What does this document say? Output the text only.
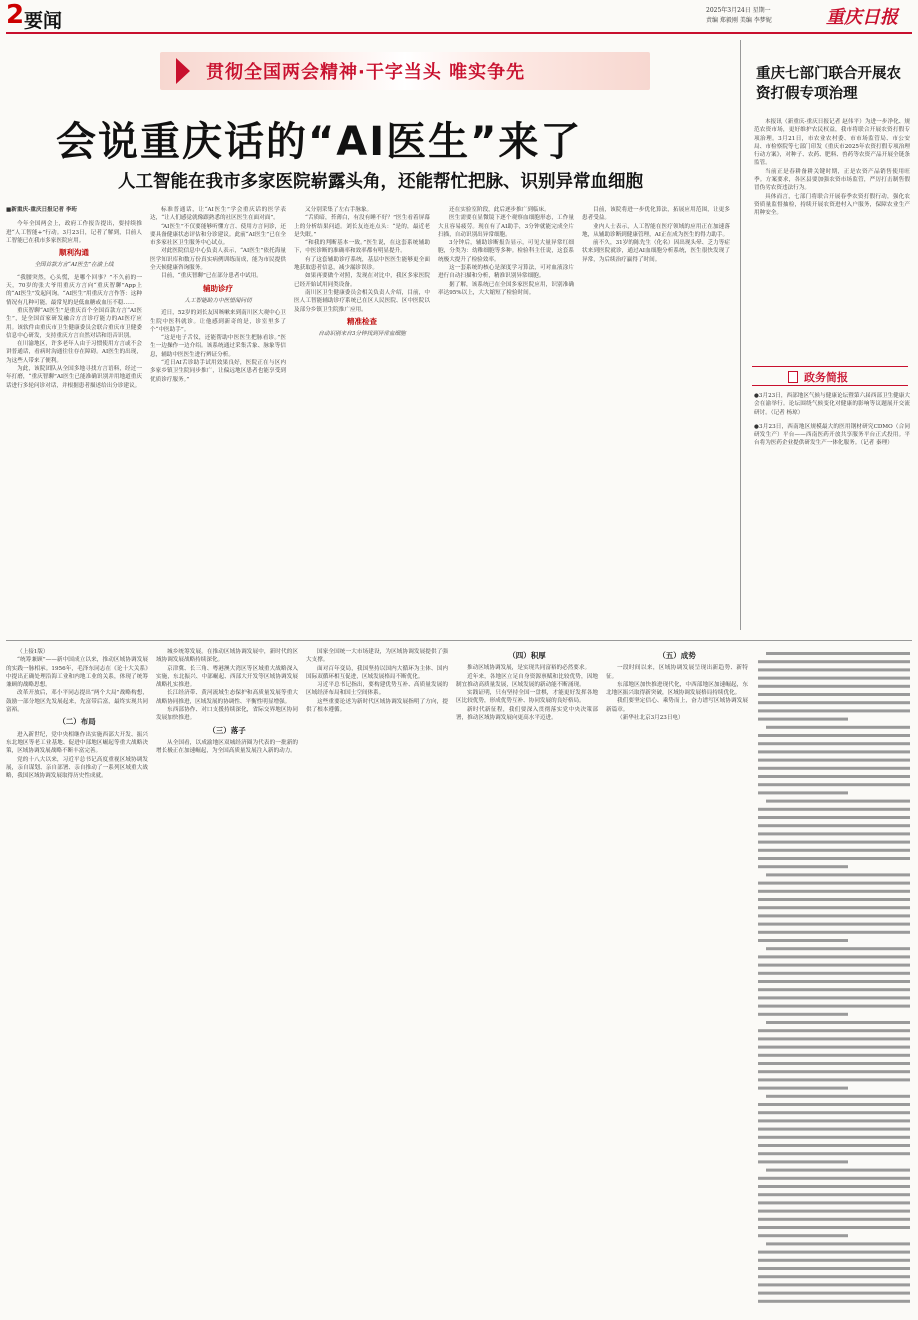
2 要闻
2025年3月24日 星期一
责编 郑毅刚 美编 李梦妮	重庆日报
贯彻全国两会精神·干字当头 唯实争先
会说重庆话的“AI医生”来了
人工智能在我市多家医院崭露头角，还能帮忙把脉、识别异常血细胞
■新重庆-重庆日报记者 李珩

今年全国两会上，政府工作报告提出，要持续推进“人工智能+”行动。3月23日，记者了解到，目前人工智能已在我市多家医院应用。

顺利沟通
全国首款方言“AI医生”在渝上线

“我腰突然，心头慌，是哪个回事？”不久前的一天，70岁的张大爷用重庆方言向“重庆智聊”App上的“AI医生”发起问询。“AI医生”用重庆方言作答：这种情况有几种可能，最常见的是低血糖或血压不稳……

重庆智聊“AI医生”是重庆首个全国首款方言“AI医生”，是全国首家研发融合方言诊疗能力的AI医疗应用。该软件由重庆市卫生健康委员会联合重庆市卫健委信息中心研发，支持重庆方言自然对话和语音识别。

在川渝地区，许多老年人由于习惯使用方言或不会讲普通话，看病时沟通往往存在障碍。AI医生的出现，为这些人带来了便利。

为此，该院团队从全国多地寻找方言语料，经过一年打磨，“重庆智聊”AI医生已能准确识别并用地道重庆话进行多轮问诊对话，并根据患者描述给出分诊建议。

标准普通话，让“AI医生”学会重庆话的医学表达，“让人们感觉就像跟熟悉的社区医生在面对面”。

“AI医生”不仅要能够听懂方言、使用方言问诊，还要具备健康状态评估和分诊建议。此前“AI医生”已在全市多家社区卫生服务中心试点。

对此医院信息中心负责人表示，“AI医生”依托海量医学知识库和数万份真实病例训练而成，能为市民提供全天候健康咨询服务。

目前，“重庆智聊”已在部分患者中试用。

辅助诊疗
人工智能助力中医望闻问切

近日，52岁的刘长友因咳嗽来到南川区大观中心卫生院中医科就诊。让他感到新奇的是，诊室里多了个“中医助手”。

“这是电子舌仪，还能帮助中医医生把脉看诊。”医生一边操作一边介绍。该系统通过采集舌象、脉象等信息，辅助中医医生进行辨证分析。

“近日AI舌诊助手试用效果良好，医院正在与区内多家乡镇卫生院同步推广，让偏远地区患者也能享受到优质诊疗服务。”

又分别采集了左右手脉象。

“舌质暗，苔薄白，有没有睡不好？”医生看着屏幕上的分析结果问道。刘长友连连点头：“是的，最近老是失眠。”

“和我的判断基本一致。”医生说，在这套系统辅助下，中医诊断的准确率和效率都有明显提升。

有了这套辅助诊疗系统，基层中医医生能够更全面地获取患者信息，减少漏诊误诊。

如果再要做个对照，发现在对比中，我区多家医院已经开始试用同类设备。

南川区卫生健康委员会相关负责人介绍，目前，中医人工智能辅助诊疗系统已在区人民医院、区中医院以及部分乡镇卫生院推广应用。

精准检查
自动识别来自3分钟找到异常血细胞

还在实验室阶段，此后逐步推广到临床。

医生需要在显微镜下逐个观察血细胞形态，工作量大且容易疲劳。现在有了AI助手，3分钟就能完成全片扫描，自动识别出异常细胞。

3分钟后，辅助诊断报告显示，可见大量异常红细胞，分类为：幼稚细胞等多种。检验科主任说，这套系统极大提升了检验效率。

这一套系统的核心是深度学习算法，可对血液涂片进行自动扫描和分析，精准识别异常细胞。

据了解，该系统已在全国多家医院应用，识别准确率达95%以上，大大缩短了检验时间。

目前，该院将进一步优化算法，拓展应用范围，让更多患者受益。

业内人士表示，人工智能在医疗领域的应用正在加速落地，从辅助诊断到健康管理，AI正在成为医生的得力助手。

前不久，31岁的陈先生（化名）因出现头晕、乏力等症状来到医院就诊，通过AI血细胞分析系统，医生很快发现了异常，为后续治疗赢得了时间。

重庆七部门联合开展农资打假专项治理

本报讯（新重庆-重庆日报记者 赵伟平）为进一步净化、规范农资市场，更好维护农民权益，我市将联合开展农资打假专项治理。3月21日，市农业农村委、市市场监管局、市公安局、市检察院等七部门印发《重庆市2025年农资打假专项治理行动方案》，对种子、农药、肥料、兽药等农资产品开展全链条监管。

当前正是春耕备耕关键时期，正是农资产品销售使用旺季。方案要求，各区县要加强农资市场监管，严厉打击制售假冒伪劣农资违法行为。

具体而言，七部门将联合开展春季农资打假行动，强化农资质量监督抽检，持续开展农资进村入户服务，保障农业生产用种安全。

政务简报

●3月23日，西部地区气候与健康论坛暨第六届西部卫生健康大会在渝举行。论坛围绕气候变化对健康的影响等议题展开交流研讨。（记者 杨琼）

●3月23日，西南地区规模最大的医用钢材研究CDMO（合同研发生产）平台——西南医药开放共享服务平台正式投用。平台将为医药企业提供研发生产一体化服务。（记者 秦理）

（上接1版）

“统筹兼顾”——新中国成立以来，推动区域协调发展的实践一脉相承。1956年，毛泽东同志在《论十大关系》中提出正确处理沿海工业和内地工业的关系，体现了统筹兼顾的战略思想。

改革开放后，邓小平同志提出“两个大局”战略构想，鼓励一部分地区先发展起来，先富带后富，最终实现共同富裕。

（二）布局

进入新世纪，党中央相继作出实施西部大开发、振兴东北地区等老工业基地、促进中部地区崛起等重大战略决策，区域协调发展战略不断丰富完善。

党的十八大以来，习近平总书记高度重视区域协调发展，亲自谋划、亲自部署、亲自推动了一系列区域重大战略，我国区域协调发展取得历史性成就。

城乡统筹发展。在推动区域协调发展中，新时代的区域协调发展战略持续深化。

京津冀、长三角、粤港澳大湾区等区域重大战略深入实施，东北振兴、中部崛起、西部大开发等区域协调发展战略扎实推进。

长江经济带、黄河流域生态保护和高质量发展等重大战略协同推进，区域发展的协调性、平衡性明显增强。

东西部协作、对口支援持续深化，省际交界地区协同发展加快推进。

（三）落子

从全国看，以成渝地区双城经济圈为代表的一批新的增长极正在加速崛起，为全国高质量发展注入新的动力。

国家全国统一大市场建设，为区域协调发展提供了强大支撑。

面对百年变局，我国坚持以国内大循环为主体、国内国际双循环相互促进，区域发展格局不断优化。

习近平总书记指出，要构建优势互补、高质量发展的区域经济布局和国土空间体系。

这些重要论述为新时代区域协调发展指明了方向，提供了根本遵循。

（四）积厚

推动区域协调发展，是实现共同富裕的必然要求。

近年来，各地区立足自身资源禀赋和比较优势，因地制宜推动高质量发展，区域发展的新动能不断涌现。

实践证明，只有坚持全国一盘棋，才能更好发挥各地区比较优势，形成优势互补、协同发展的良好格局。

新时代新征程，我们要深入贯彻落实党中央决策部署，推动区域协调发展向更高水平迈进。

（五）成势

一段时间以来，区域协调发展呈现出新趋势、新特征。

东部地区加快推进现代化，中西部地区加速崛起，东北地区振兴取得新突破，区域协调发展格局持续优化。

我们要坚定信心、乘势而上，奋力谱写区域协调发展新篇章。

（新华社北京3月23日电）
